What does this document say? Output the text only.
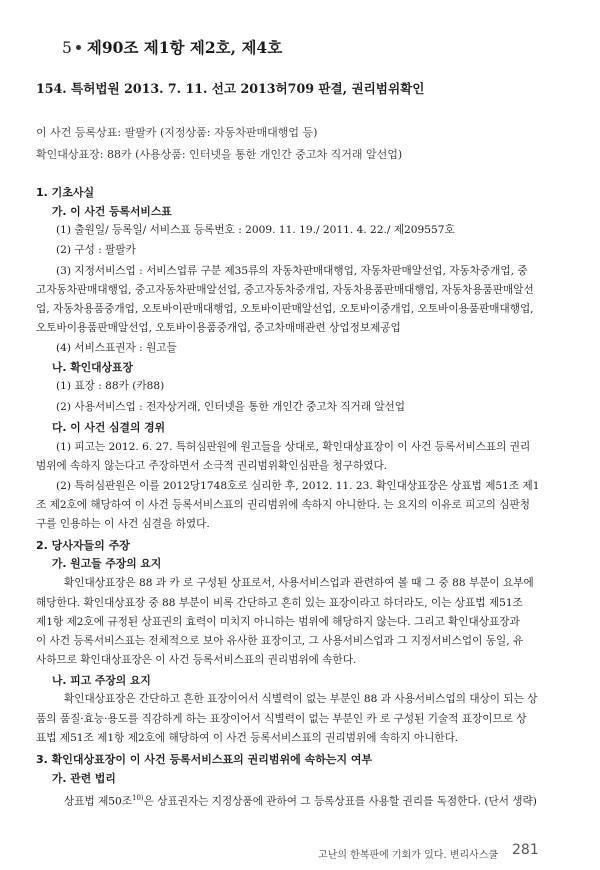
5 제90조 제1항 제2호, 제4호
154. 특허법원 2013. 7. 11. 선고 2013허709 판결, 권리범위확인
이 사건 등록상표: 팔팔카 (지정상품: 자동차판매대행업 등)
확인대상표장: 88카 (사용상품: 인터넷을 통한 개인간 중고차 직거래 알선업)
1. 기초사실
가. 이 사건 등록서비스표
(1) 출원일/ 등록일/ 서비스표 등록번호 : 2009. 11. 19./ 2011. 4. 22./ 제209557호
(2) 구성 : 팔팔카
(3) 지정서비스업 : 서비스업류 구분 제35류의 자동차판매대행업, 자동차판매알선업, 자동차중개업, 중
고자동차판매대행업, 중고자동차판매알선업, 중고자동차중개업, 자동차용품판매대행업, 자동차용품판매알선
업, 자동차용품중개업, 오토바이판매대행업, 오토바이판매알선업, 오토바이중개업, 오토바이용품판매대행업,
오토바이용품판매알선업, 오토바이용품중개업, 중고차매매관련 상업정보제공업
(4) 서비스표권자 : 원고들
나. 확인대상표장
(1) 표장 : 88카 (카88)
(2) 사용서비스업 : 전자상거래, 인터넷을 통한 개인간 중고차 직거래 알선업
다. 이 사건 심결의 경위
(1) 피고는 2012. 6. 27. 특허심판원에 원고들을 상대로, 확인대상표장이 이 사건 등록서비스표의 권리
범위에 속하지 않는다고 주장하면서 소극적 권리범위확인심판을 청구하였다.
(2) 특허심판원은 이를 2012당1748호로 심리한 후, 2012. 11. 23. 확인대상표장은 상표법 제51조 제1
조 제2호에 해당하여 이 사건 등록서비스표의 권리범위에 속하지 아니한다. 는 요지의 이유로 피고의 심판청
구를 인용하는 이 사건 심결을 하였다.
2. 당사자들의 주장
가. 원고들 주장의 요지
확인대상표장은 88 과 카 로 구성된 상표로서, 사용서비스업과 관련하여 볼 때 그 중 88 부분이 요부에
해당한다. 확인대상표장 중 88 부분이 비록 간단하고 흔히 있는 표장이라고 하더라도, 이는 상표법 제51조
제1항 제2호에 규정된 상표권의 효력이 미치지 아니하는 범위에 해당하지 않는다. 그리고 확인대상표장과
이 사건 등록서비스표는 전체적으로 보아 유사한 표장이고, 그 사용서비스업과 그 지정서비스업이 동일, 유
사하므로 확인대상표장은 이 사건 등록서비스표의 권리범위에 속한다.
나. 피고 주장의 요지
확인대상표장은 간단하고 흔한 표장이어서 식별력이 없는 부분인 88 과 사용서비스업의 대상이 되는 상
품의 품질·효능·용도를 직감하게 하는 표장이어서 식별력이 없는 부분인 카 로 구성된 기술적 표장이므로 상
표법 제51조 제1항 제2호에 해당하여 이 사건 등록서비스표의 권리범위에 속하지 아니한다.
3. 확인대상표장이 이 사건 등록서비스표의 권리범위에 속하는지 여부
가. 관련 법리
상표법 제50조$^{10)}$은 상표권자는 지정상품에 관하여 그 등록상표를 사용할 권리를 독점한다. (단서 생략)
고난의 한복판에 기회가 있다. 변리사스쿨 281
